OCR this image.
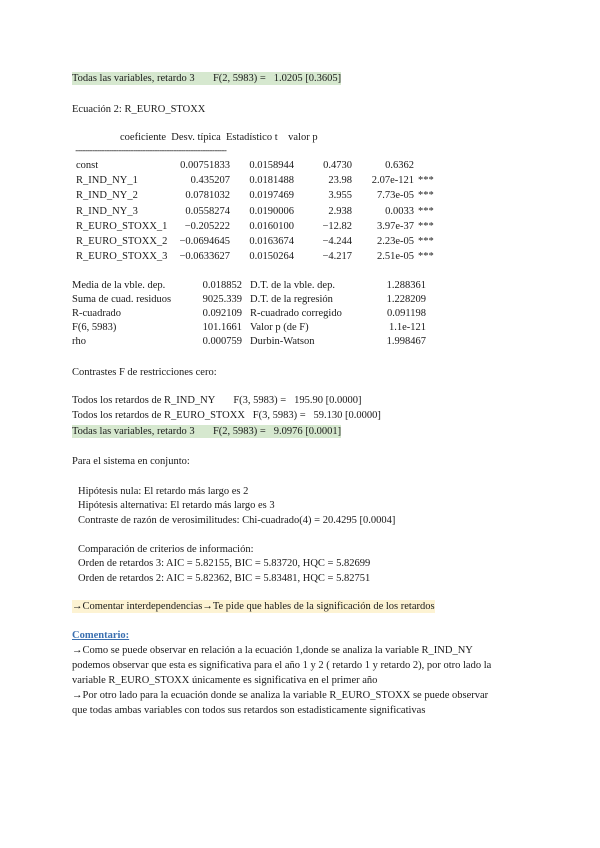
Todas las variables, retardo 3       F(2, 5983) =   1.0205 [0.3605]
Ecuación 2: R_EURO_STOXX
coeficiente  Desv. típica  Estadístico t    valor p
---------------------------------------------------------------
const	0.00751833 0.0158944	0.4730	0.6362
R_IND_NY_1	0.435207 0.0181488	23.98 2.07e-121 ***
R_IND_NY_2	0.0781032 0.0197469	3.955 7.73e-05 ***
R_IND_NY_3	0.0558274 0.0190006	2.938	0.0033 ***
R_EURO_STOXX_1 −0.205222 0.0160100	−12.82 3.97e-37 ***
R_EURO_STOXX_2 −0.0694645 0.0163674	−4.244 2.23e-05 ***
R_EURO_STOXX_3 −0.0633627 0.0150264	−4.217 2.51e-05 ***
Media de la vble. dep.	0.018852 D.T. de la vble. dep.	1.288361
Suma de cuad. residuos	9025.339 D.T. de la regresión	1.228209
R-cuadrado	0.092109 R-cuadrado corregido	0.091198
F(6, 5983)	101.1661 Valor p (de F)	1.1e-121
rho	0.000759 Durbin-Watson	1.998467
Contrastes F de restricciones cero:
Todos los retardos de R_IND_NY       F(3, 5983) =   195.90 [0.0000]
Todos los retardos de R_EURO_STOXX   F(3, 5983) =   59.130 [0.0000]
Todas las variables, retardo 3       F(2, 5983) =   9.0976 [0.0001]
Para el sistema en conjunto:
Hipótesis nula: El retardo más largo es 2
Hipótesis alternativa: El retardo más largo es 3
Contraste de razón de verosimilitudes: Chi-cuadrado(4) = 20.4295 [0.0004]
Comparación de criterios de información:
Orden de retardos 3: AIC = 5.82155, BIC = 5.83720, HQC = 5.82699
Orden de retardos 2: AIC = 5.82362, BIC = 5.83481, HQC = 5.82751
→Comentar interdependencias→Te pide que hables de la significación de los retardos
Comentario:
→Como se puede observar en relación a la ecuación 1,donde se analiza la variable R_IND_NY
podemos observar que esta es significativa para el año 1 y 2 ( retardo 1 y retardo 2), por otro lado la
variable R_EURO_STOXX únicamente es significativa en el primer año
→Por otro lado para la ecuación donde se analiza la variable R_EURO_STOXX se puede observar
que todas ambas variables con todos sus retardos son estadisticamente significativas
